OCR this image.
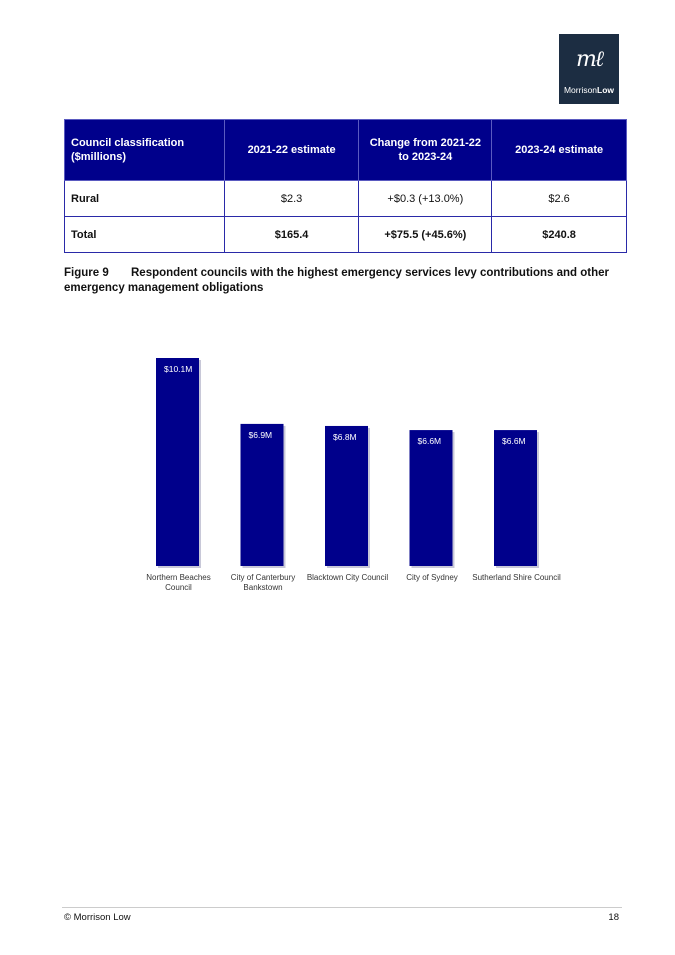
mℓ
MorrisonLow
Council classification ($millions)	2021-22 estimate	Change from 2021-22 to 2023-24	2023-24 estimate
Rural	$2.3	+$0.3 (+13.0%)	$2.6
Total	$165.4	+$75.5 (+45.6%)	$240.8
Figure 9 Respondent councils with the highest emergency services levy contributions and other emergency management obligations
$10.1M
Northern Beaches Council
$6.9M
City of Canterbury Bankstown
$6.8M
Blacktown City Council
$6.6M
City of Sydney
$6.6M
Sutherland Shire Council
© Morrison Low	18
